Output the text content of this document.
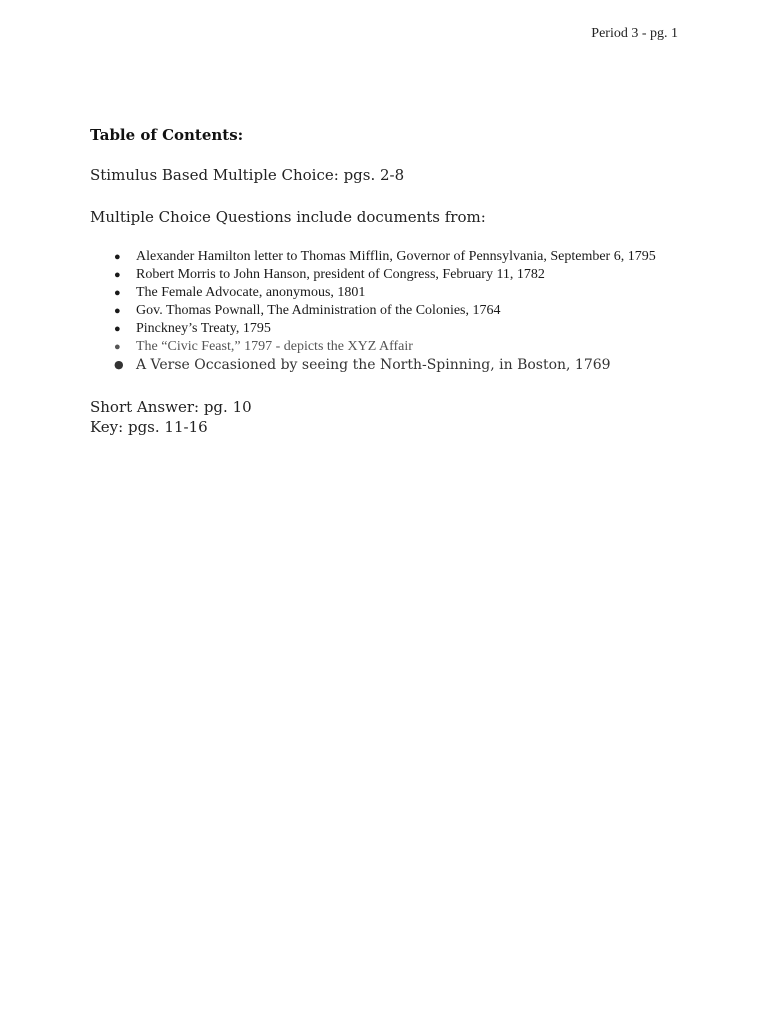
Period 3 - pg. 1
Table of Contents:

Stimulus Based Multiple Choice: pgs. 2-8

Multiple Choice Questions include documents from:

● Alexander Hamilton letter to Thomas Mifflin, Governor of Pennsylvania, September 6, 1795
● Robert Morris to John Hanson, president of Congress, February 11, 1782
● The Female Advocate, anonymous, 1801
● Gov. Thomas Pownall, The Administration of the Colonies, 1764
● Pinckney’s Treaty, 1795
● The “Civic Feast,” 1797 - depicts the XYZ Affair
● A Verse Occasioned by seeing the North-Spinning, in Boston, 1769

Short Answer: pg. 10

Key: pgs. 11-16
